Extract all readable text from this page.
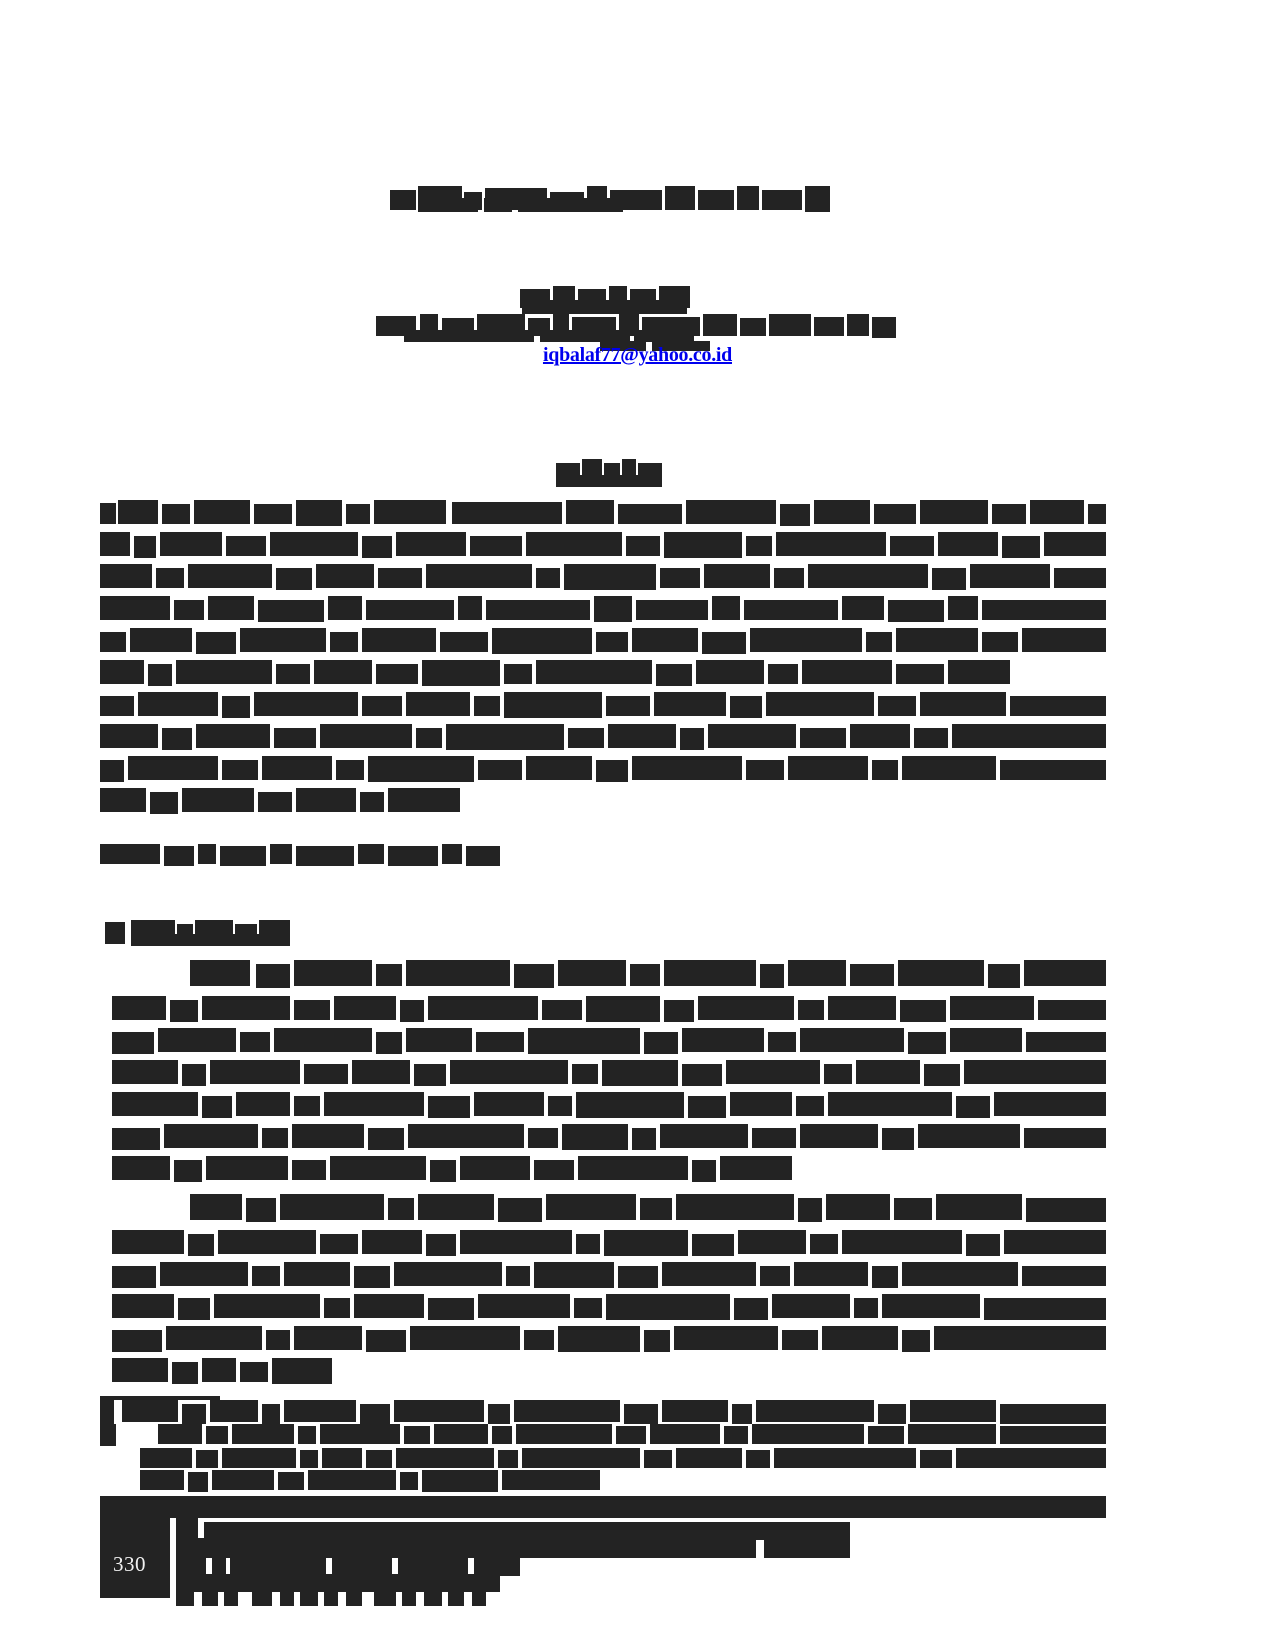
iqbalaf77@yahoo.co.id
330
